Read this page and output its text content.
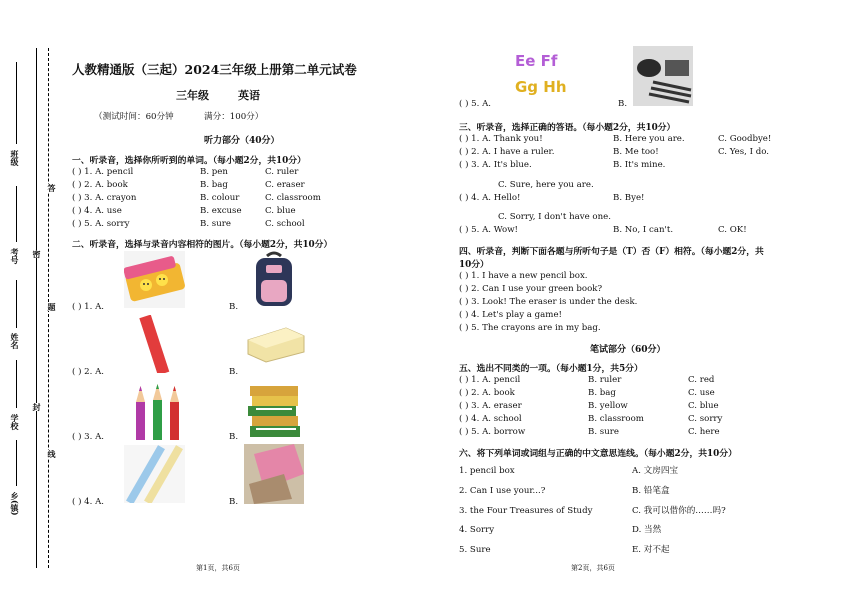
班级
考号
姓名
学校
乡(镇)
答
密
题
封
线
人教精通版（三起）2024三年级上册第二单元试卷
三年级	英语
（测试时间：60分钟	满分：100分）
听力部分（40分）
一、听录音，选择你所听到的单词。（每小题2分，共10分）
( ) 1. A. pencil	B. pen	C. ruler
( ) 2. A. book	B. bag	C. eraser
( ) 3. A. crayon	B. colour	C. classroom
( ) 4. A. use	B. excuse	C. blue
( ) 5. A. sorry	B. sure	C. school
二、听录音，选择与录音内容相符的图片。（每小题2分，共10分）
( ) 1. A.	B.
( ) 2. A.	B.
( ) 3. A.	B.
( ) 4. A.	B.
第1页，共6页
Ee Ff
Gg Hh
( ) 5. A.	B.
三、听录音，选择正确的答语。（每小题2分，共10分）
( ) 1. A. Thank you!	B. Here you are.	C. Goodbye!
( ) 2. A. I have a ruler.	B. Me too!	C. Yes, I do.
( ) 3. A. It's blue.	B. It's mine.
C. Sure, here you are.
( ) 4. A. Hello!	B. Bye!
C. Sorry, I don't have one.
( ) 5. A. Wow!	B. No, I can't.	C. OK!
四、听录音，判断下面各题与所听句子是（T）否（F）相符。（每小题2分，共
10分）
( ) 1. I have a new pencil box.
( ) 2. Can I use your green book?
( ) 3. Look! The eraser is under the desk.
( ) 4. Let's play a game!
( ) 5. The crayons are in my bag.
笔试部分（60分）
五、选出不同类的一项。（每小题1分，共5分）
( ) 1. A. pencil	B. ruler	C. red
( ) 2. A. book	B. bag	C. use
( ) 3. A. eraser	B. yellow	C. blue
( ) 4. A. school	B. classroom	C. sorry
( ) 5. A. borrow	B. sure	C. here
六、将下列单词或词组与正确的中文意思连线。（每小题2分，共10分）
1. pencil box	A. 文房四宝
2. Can I use your...?	B. 铅笔盒
3. the Four Treasures of Study	C. 我可以借你的……吗?
4. Sorry	D. 当然
5. Sure	E. 对不起
第2页，共6页
